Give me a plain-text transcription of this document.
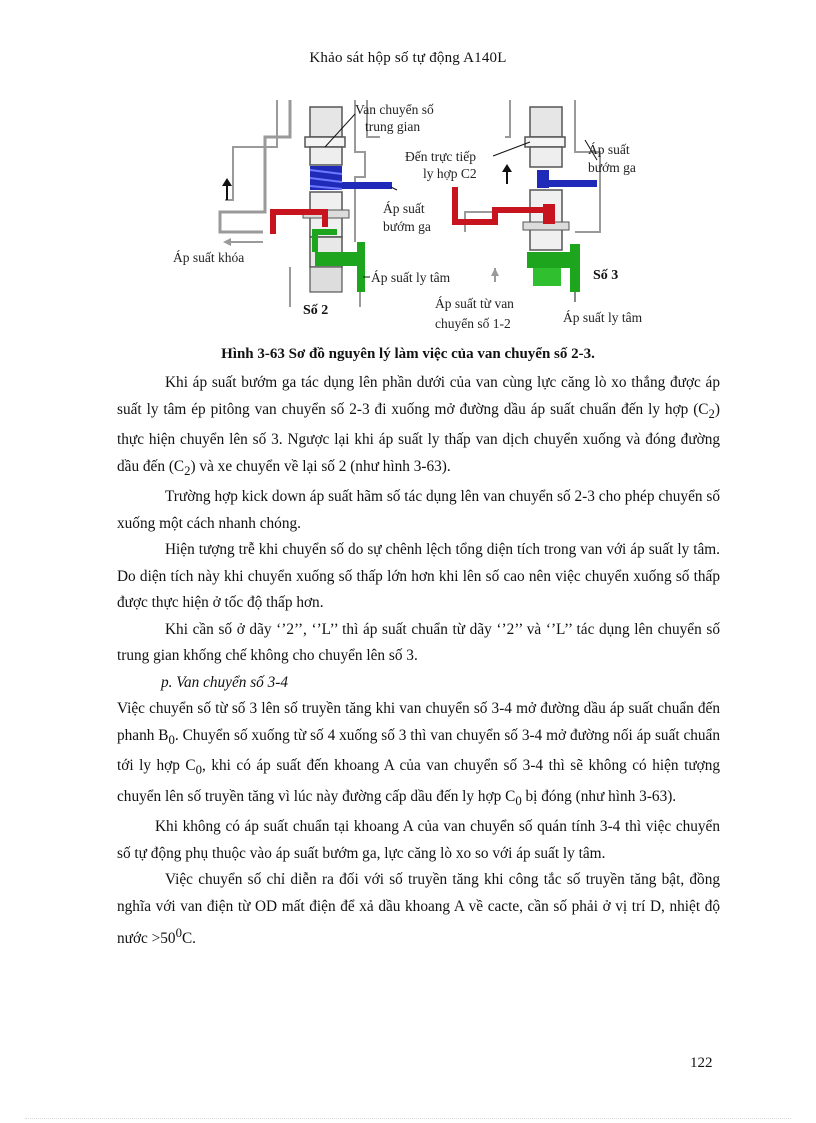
Khảo sát hộp số tự động A140L
Van chuyển số
trung gian
Đến trực tiếp
ly hợp C2
Áp suất
bướm ga
Áp suất
bướm ga
Áp suất khóa
Áp suất ly tâm	Số 3
Số 2	Áp suất từ van
chuyển số 1-2	Áp suất ly tâm
Hình 3-63 Sơ đồ nguyên lý làm việc của van chuyển số 2-3.

Khi áp suất bướm ga tác dụng lên phần dưới của van cùng lực căng lò xo thắng được áp suất ly tâm ép pitông van chuyển số 2-3 đi xuống mở đường dầu áp suất chuẩn đến ly hợp $(C_2)$ thực hiện chuyển lên số 3. Ngược lại khi áp suất ly thấp van dịch chuyển xuống và đóng đường dầu đến $(C_2)$ và xe chuyển về lại số 2 (như hình 3-63).

Trường hợp kick down áp suất hãm số tác dụng lên van chuyển số 2-3 cho phép chuyển số xuống một cách nhanh chóng.

Hiện tượng trễ khi chuyển số do sự chênh lệch tổng diện tích trong van với áp suất ly tâm. Do diện tích này khi chuyển xuống số thấp lớn hơn khi lên số cao nên việc chuyển xuống số thấp được thực hiện ở tốc độ thấp hơn.

Khi cần số ở dãy ‘’2’’, ‘’L’’ thì áp suất chuẩn từ dãy ‘’2’’ và ‘’L’’ tác dụng lên chuyển số trung gian khống chế không cho chuyển lên số 3.

p. Van chuyển số 3-4

Việc chuyển số từ số 3 lên số truyền tăng khi van chuyển số 3-4 mở đường dầu áp suất chuẩn đến phanh $B_0$. Chuyển số xuống từ số 4 xuống số 3 thì van chuyển số 3-4 mở đường nối áp suất chuẩn tới ly hợp $C_0$, khi có áp suất đến khoang A của van chuyển số 3-4 thì sẽ không có hiện tượng chuyển lên số truyền tăng vì lúc này đường cấp dầu đến ly hợp $C_0$ bị đóng (như hình 3-63).

Khi không có áp suất chuẩn tại khoang A của van chuyển số quán tính 3-4 thì việc chuyển số tự động phụ thuộc vào áp suất bướm ga, lực căng lò xo so với áp suất ly tâm.

Việc chuyển số chỉ diễn ra đối với số truyền tăng khi công tắc số truyền tăng bật, đồng nghĩa với van điện từ OD mất điện để xả dầu khoang A về cacte, cần số phải ở vị trí D, nhiệt độ nước $>50^0C$.

122
